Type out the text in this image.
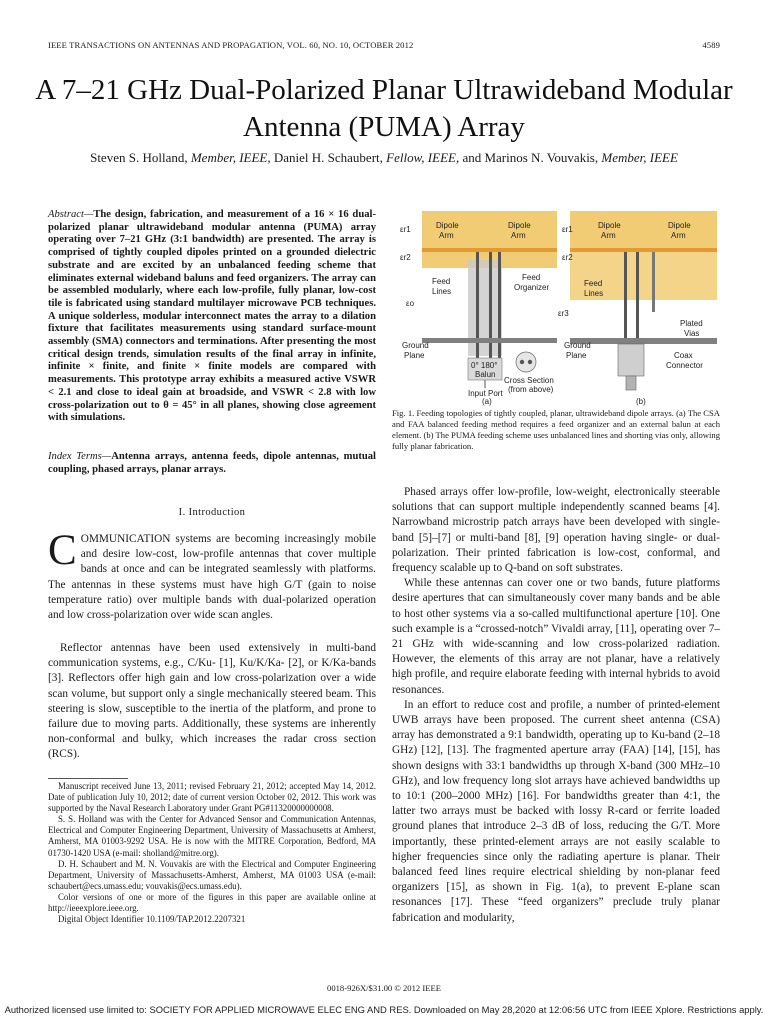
IEEE TRANSACTIONS ON ANTENNAS AND PROPAGATION, VOL. 60, NO. 10, OCTOBER 2012	4589
A 7–21 GHz Dual-Polarized Planar Ultrawideband Modular Antenna (PUMA) Array
Steven S. Holland, Member, IEEE, Daniel H. Schaubert, Fellow, IEEE, and Marinos N. Vouvakis, Member, IEEE
Abstract—The design, fabrication, and measurement of a 16 × 16 dual-polarized planar ultrawideband modular antenna (PUMA) array operating over 7–21 GHz (3:1 bandwidth) are presented. The array is comprised of tightly coupled dipoles printed on a grounded dielectric substrate and are excited by an unbalanced feeding scheme that eliminates external wideband baluns and feed organizers. The array can be assembled modularly, where each low-profile, fully planar, low-cost tile is fabricated using standard multilayer microwave PCB techniques. A unique solderless, modular interconnect mates the array to a dilation fixture that facilitates measurements using standard surface-mount assembly (SMA) connectors and terminations. After presenting the most critical design trends, simulation results of the final array in infinite, infinite × finite, and finite × finite models are compared with measurements. This prototype array exhibits a measured active VSWR < 2.1 and close to ideal gain at broadside, and VSWR < 2.8 with low cross-polarization out to θ = 45° in all planes, showing close agreement with simulations.
Index Terms—Antenna arrays, antenna feeds, dipole antennas, mutual coupling, phased arrays, planar arrays.
I. Introduction
COMMUNICATION systems are becoming increasingly mobile and desire low-cost, low-profile antennas that cover multiple bands at once and can be integrated seamlessly with platforms. The antennas in these systems must have high G/T (gain to noise temperature ratio) over multiple bands with dual-polarized operation and low cross-polarization over wide scan angles.
Reflector antennas have been used extensively in multi-band communication systems, e.g., C/Ku- [1], Ku/K/Ka- [2], or K/Ka-bands [3]. Reflectors offer high gain and low cross-polarization over a wide scan volume, but support only a single mechanically steered beam. This steering is slow, susceptible to the inertia of the platform, and prone to failure due to moving parts. Additionally, these systems are inherently non-conformal and bulky, which increases the radar cross section (RCS).

Manuscript received June 13, 2011; revised February 21, 2012; accepted May 14, 2012. Date of publication July 10, 2012; date of current version October 02, 2012. This work was supported by the Naval Research Laboratory under Grant PG#11320000000008.

S. S. Holland was with the Center for Advanced Sensor and Communication Antennas, Electrical and Computer Engineering Department, University of Massachusetts at Amherst, Amherst, MA 01003-9292 USA. He is now with the MITRE Corporation, Bedford, MA 01730-1420 USA (e-mail: sholland@mitre.org).

D. H. Schaubert and M. N. Vouvakis are with the Electrical and Computer Engineering Department, University of Massachusetts-Amherst, Amherst, MA 01003 USA (e-mail: schaubert@ecs.umass.edu; vouvakis@ecs.umass.edu).

Color versions of one or more of the figures in this paper are available online at http://ieeexplore.ieee.org.

Digital Object Identifier 10.1109/TAP.2012.2207321

εr1
εr2
εo
Dipole
Arm
Dipole
Arm
Feed
Lines
Feed
Organizer
Ground
Plane
0° 180°
Balun
Input Port
Cross Section
(from above)
(a)
εr1
εr2
εr3
Dipole
Arm
Dipole
Arm
Feed
Lines
Plated
Vias
Ground
Plane	Coax
Connector
(b)
Fig. 1. Feeding topologies of tightly coupled, planar, ultrawideband dipole arrays. (a) The CSA and FAA balanced feeding method requires a feed organizer and an external balun at each element. (b) The PUMA feeding scheme uses unbalanced lines and shorting vias only, allowing fully planar fabrication.

Phased arrays offer low-profile, low-weight, electronically steerable solutions that can support multiple independently scanned beams [4]. Narrowband microstrip patch arrays have been developed with single-band [5]–[7] or multi-band [8], [9] operation having single- or dual-polarization. Their printed fabrication is low-cost, conformal, and frequency scalable up to Q-band on soft substrates.

While these antennas can cover one or two bands, future platforms desire apertures that can simultaneously cover many bands and be able to host other systems via a so-called multifunctional aperture [10]. One such example is a “crossed-notch” Vivaldi array, [11], operating over 7–21 GHz with wide-scanning and low cross-polarized radiation. However, the elements of this array are not planar, have a relatively high profile, and require elaborate feeding with internal hybrids to avoid resonances.

In an effort to reduce cost and profile, a number of printed-element UWB arrays have been proposed. The current sheet antenna (CSA) array has demonstrated a 9:1 bandwidth, operating up to Ku-band (2–18 GHz) [12], [13]. The fragmented aperture array (FAA) [14], [15], has shown designs with 33:1 bandwidths up through X-band (300 MHz–10 GHz), and low frequency long slot arrays have achieved bandwidths up to 10:1 (200–2000 MHz) [16]. For bandwidths greater than 4:1, the latter two arrays must be backed with lossy R-card or ferrite loaded ground planes that introduce 2–3 dB of loss, reducing the G/T. More importantly, these printed-element arrays are not easily scalable to higher frequencies since only the radiating aperture is planar. Their balanced feed lines require electrical shielding by non-planar feed organizers [15], as shown in Fig. 1(a), to prevent E-plane scan resonances [17]. These “feed organizers” preclude truly planar fabrication and modularity,

0018-926X/$31.00 © 2012 IEEE
Authorized licensed use limited to: SOCIETY FOR APPLIED MICROWAVE ELEC ENG AND RES. Downloaded on May 28,2020 at 12:06:56 UTC from IEEE Xplore. Restrictions apply.
